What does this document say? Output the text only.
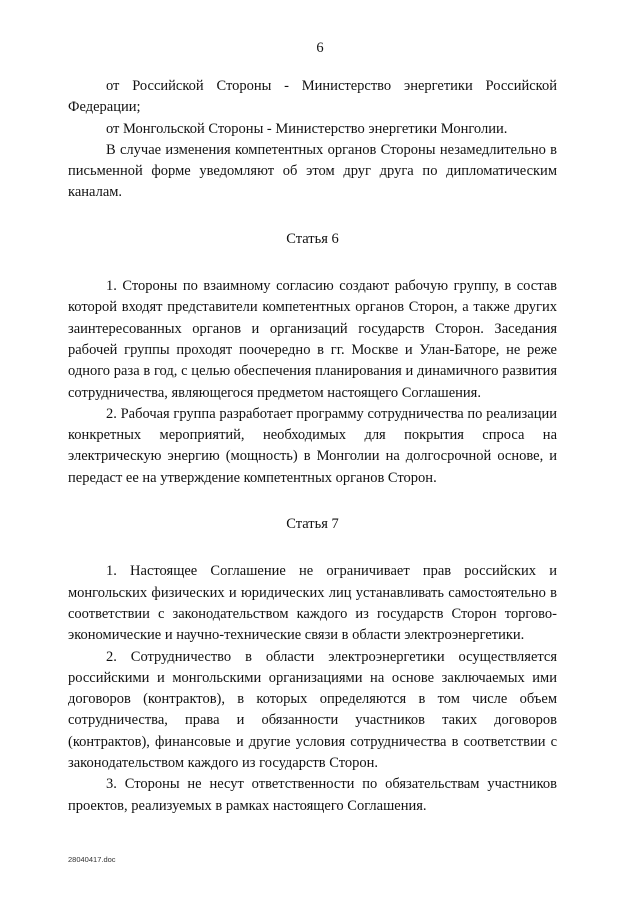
6

от Российской Стороны - Министерство энергетики Российской Федерации;

от Монгольской Стороны - Министерство энергетики Монголии.

В случае изменения компетентных органов Стороны незамедлительно в письменной форме уведомляют об этом друг друга по дипломатическим каналам.

Статья 6

1. Стороны по взаимному согласию создают рабочую группу, в состав которой входят представители компетентных органов Сторон, а также других заинтересованных органов и организаций государств Сторон. Заседания рабочей группы проходят поочередно в гг. Москве и Улан-Баторе, не реже одного раза в год, с целью обеспечения планирования и динамичного развития сотрудничества, являющегося предметом настоящего Соглашения.

2. Рабочая группа разработает программу сотрудничества по реализации конкретных мероприятий, необходимых для покрытия спроса на электрическую энергию (мощность) в Монголии на долгосрочной основе, и передаст ее на утверждение компетентных органов Сторон.

Статья 7

1. Настоящее Соглашение не ограничивает прав российских и монгольских физических и юридических лиц устанавливать самостоятельно в соответствии с законодательством каждого из государств Сторон торгово-экономические и научно-технические связи в области электроэнергетики.

2. Сотрудничество в области электроэнергетики осуществляется российскими и монгольскими организациями на основе заключаемых ими договоров (контрактов), в которых определяются в том числе объем сотрудничества, права и обязанности участников таких договоров (контрактов), финансовые и другие условия сотрудничества в соответствии с законодательством каждого из государств Сторон.

3. Стороны не несут ответственности по обязательствам участников проектов, реализуемых в рамках настоящего Соглашения.

28040417.doc
